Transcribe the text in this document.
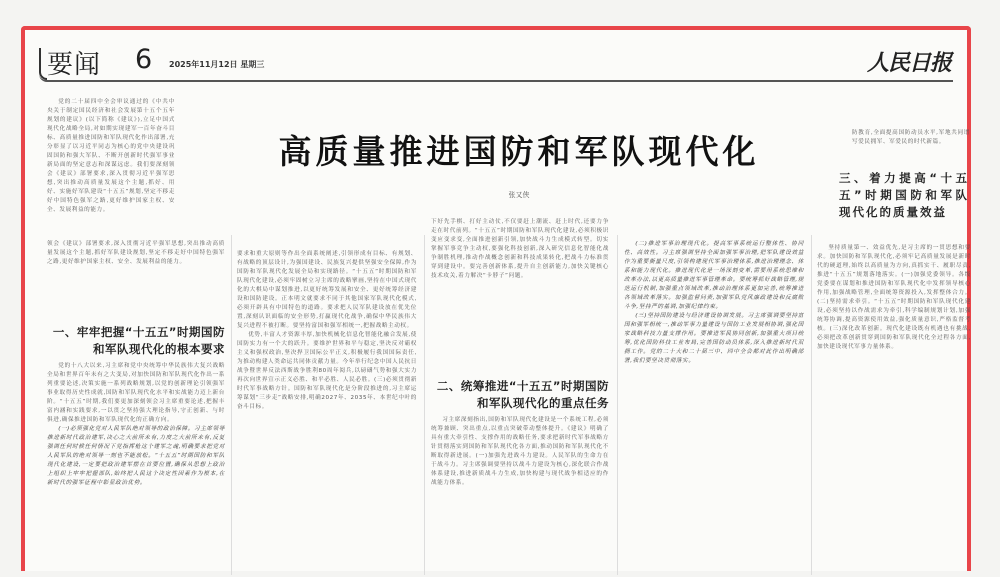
要闻 6 2025年11月12日 星期三	人民日报

党的二十届四中全会审议通过的《中共中央关于制定国民经济和社会发展第十五个五年规划的建议》(以下简称《建议》),立足中国式现代化战略全局,对如期实现建军一百年奋斗目标、高质量推进国防和军队现代化作出部署,充分彰显了以习近平同志为核心的党中央建设巩固国防和强大军队、不断开创新时代强军事业新局面的坚定意志和深谋远虑。我们要深刻领会《建议》部署要求,深入贯彻习近平强军思想,突出推动高质量发展这个主题,抓好、用好、实施好军队建设“十五五”规划,坚定不移走好中国特色强军之路,更好维护国家主权、安全、发展利益的能力。

领会《建议》部署要求,深入贯彻习近平强军思想,突出推动高质量发展这个主题,抓好军队建设规划,坚定不移走好中国特色强军之路,更好维护国家主权、安全、发展利益的能力。

一、牢牢把握“十五五”时期国防和军队现代化的根本要求

党的十八大以来,习主席和党中央统筹中华民族伟大复兴战略全局和世界百年未有之大变局,对加快国防和军队现代化作出一系列重要论述,决策实施一系列战略规划,以党的创新理论引领强军事业取得历史性成就,国防和军队现代化水平和实战能力迈上新台阶。“十五五”时期,我们要更加深刻领会习主席重要论述,把握丰富内涵和实践要求,一以贯之坚持强大理论指导,守正创新、与时俱进,确保推进国防和军队现代化的正确方向。

(一)必须强化党对人民军队绝对领导的政治保障。习主席领导推进新时代政治建军,决心之大前所未有,力度之大前所未有,反复强调任何时候任何情况下党指挥枪这个建军之魂,明确要求把党对人民军队的绝对领导一刻也不能放松。“十五五”时期国防和军队现代化建设,一定要把政治建军摆在首要位置,确保从思想上政治上组织上牢牢把握部队,始终把人民这个决定性因素作为根本,在新时代的强军征程中彰显政治优势。

高质量推进国防和军队现代化
张又侠

要求和重大原则等作出全面系统阐述,引领形成有目标、有规划、有战略的顶层设计,为强国建设、民族复兴提供坚强安全保障,作为国防和军队现代化发展全局和实现路径。“十五五”时期国防和军队现代化建设,必须牢固树立习主席的战略擘画,坚持在中国式现代化的大棋局中谋划推进,以更好统筹发展和安全、更好统筹经济建设和国防建设。正本明文就要求不同于其他国家军队现代化模式,必须开辟具有中国特色的道路。要求把人民军队建设放在优先位置,深刻认识面临的安全形势,打赢现代化战争,确保中华民族伟大复兴进程不被打断。要坚持富国和强军相统一,把握战略主动权。

优势,丰富人才资源丰厚,加快机械化信息化智能化融合发展,使国防实力有一个大的跃升。要维护世界和平与稳定,坚决反对霸权主义和强权政治,坚决捍卫国际公平正义,积极履行我国国际责任,为推动构建人类命运共同体贡献力量。今年举行纪念中国人民抗日战争暨世界反法西斯战争胜利80周年阅兵,以磅礴气势和强大实力再次向世界宣示正义必胜、和平必胜、人民必胜。(三)必须贯彻新时代军事战略方针。国防和军队现代化是分阶段推进的,习主席运筹谋划“三步走”战略安排,明确2027年、2035年、本世纪中叶的奋斗目标。

下好先手棋、打好主动仗,不仅要赶上潮流、赶上时代,还要力争走在时代前列。“十五五”时期国防和军队现代化建设,必须积极识变应变求变,全面推进创新引领,加快战斗力生成模式转型。切实掌握军事竞争主动权,要强化科技创新,深入研究信息化智能化战争制胜机理,推动作战概念创新和科技成果转化,把战斗力标准贯穿到建设中。要完善创新体系,提升自主创新能力,加快关键核心技术攻关,着力解决“卡脖子”问题。

二、统筹推进“十五五”时期国防和军队现代化的重点任务

习主席深刻指出,国防和军队现代化建设是一个系统工程,必须统筹兼顾、突出重点,以重点突破带动整体提升。《建议》明确了具有重大牵引性、支撑作用的战略任务,要求把新时代军事战略方针贯彻落实到国防和军队现代化各方面,推动国防和军队现代化不断取得新进展。(一)加强先进战斗力建设。人民军队的生命力在于战斗力。习主席强调要坚持以战斗力建设为核心,深化联合作战体系建设,推进新质战斗力生成,加快构建与现代战争相适应的作战能力体系。

(二)推进军事治理现代化。提高军事系统运行整体性、协同性、高效性。习主席强调坚持全面加强军事治理,把军队建设效益作为重要衡量尺度,引领构建现代军事治理体系,推进治理理念、体系和能力现代化。推进现代化是一场深刻变革,需要用系统思维和改革办法,以更高质量推进军事管理革命。要统筹抓好战略管理,规范运行机制,加强重点领域改革,推动治理体系更加完善,统筹推进各领域改革落实。加强监督问责,加强军队党风廉政建设和反腐败斗争,坚持严的基调,加强纪律约束。

(三)坚持国防建设与经济建设协调发展。习主席强调要坚持富国和强军相统一,推动军事力量建设与国防工业发展相协调,强化国家战略科技力量支撑作用。要推进军民协同创新,加强重大项目统筹,优化国防科技工业布局,完善国防动员体系,深入推进新时代双拥工作。党的二十大和二十届三中、四中全会都对此作出明确部署,我们要坚决贯彻落实。

防教育,全面提高国防动员水平,军地共同谱写爱民拥军、军爱民的时代新篇。

三、着力提高“十五五”时期国防和军队现代化的质量效益

坚持质量第一、效益优先,是习主席的一贯思想和要求。加快国防和军队现代化,必须牢记高质量发展是新时代的硬道理,始终以高质量为方向,真抓实干、履职尽责,推进“十五五”规划落地落实。(一)加强党委领导。各级党委要在谋划和推进国防和军队现代化中发挥领导核心作用,加强战略管理,全面统筹资源投入,发挥整体合力。(二)坚持需求牵引。“十五五”时期国防和军队现代化建设,必须坚持以作战需求为牵引,科学编制规划计划,加强统筹协调,提高资源使用效益,强化质量意识,严格监督考核。(三)深化改革创新。现代化建设既有机遇也有挑战,必须把改革创新贯穿到国防和军队现代化全过程各方面,加快建设现代军事力量体系。
